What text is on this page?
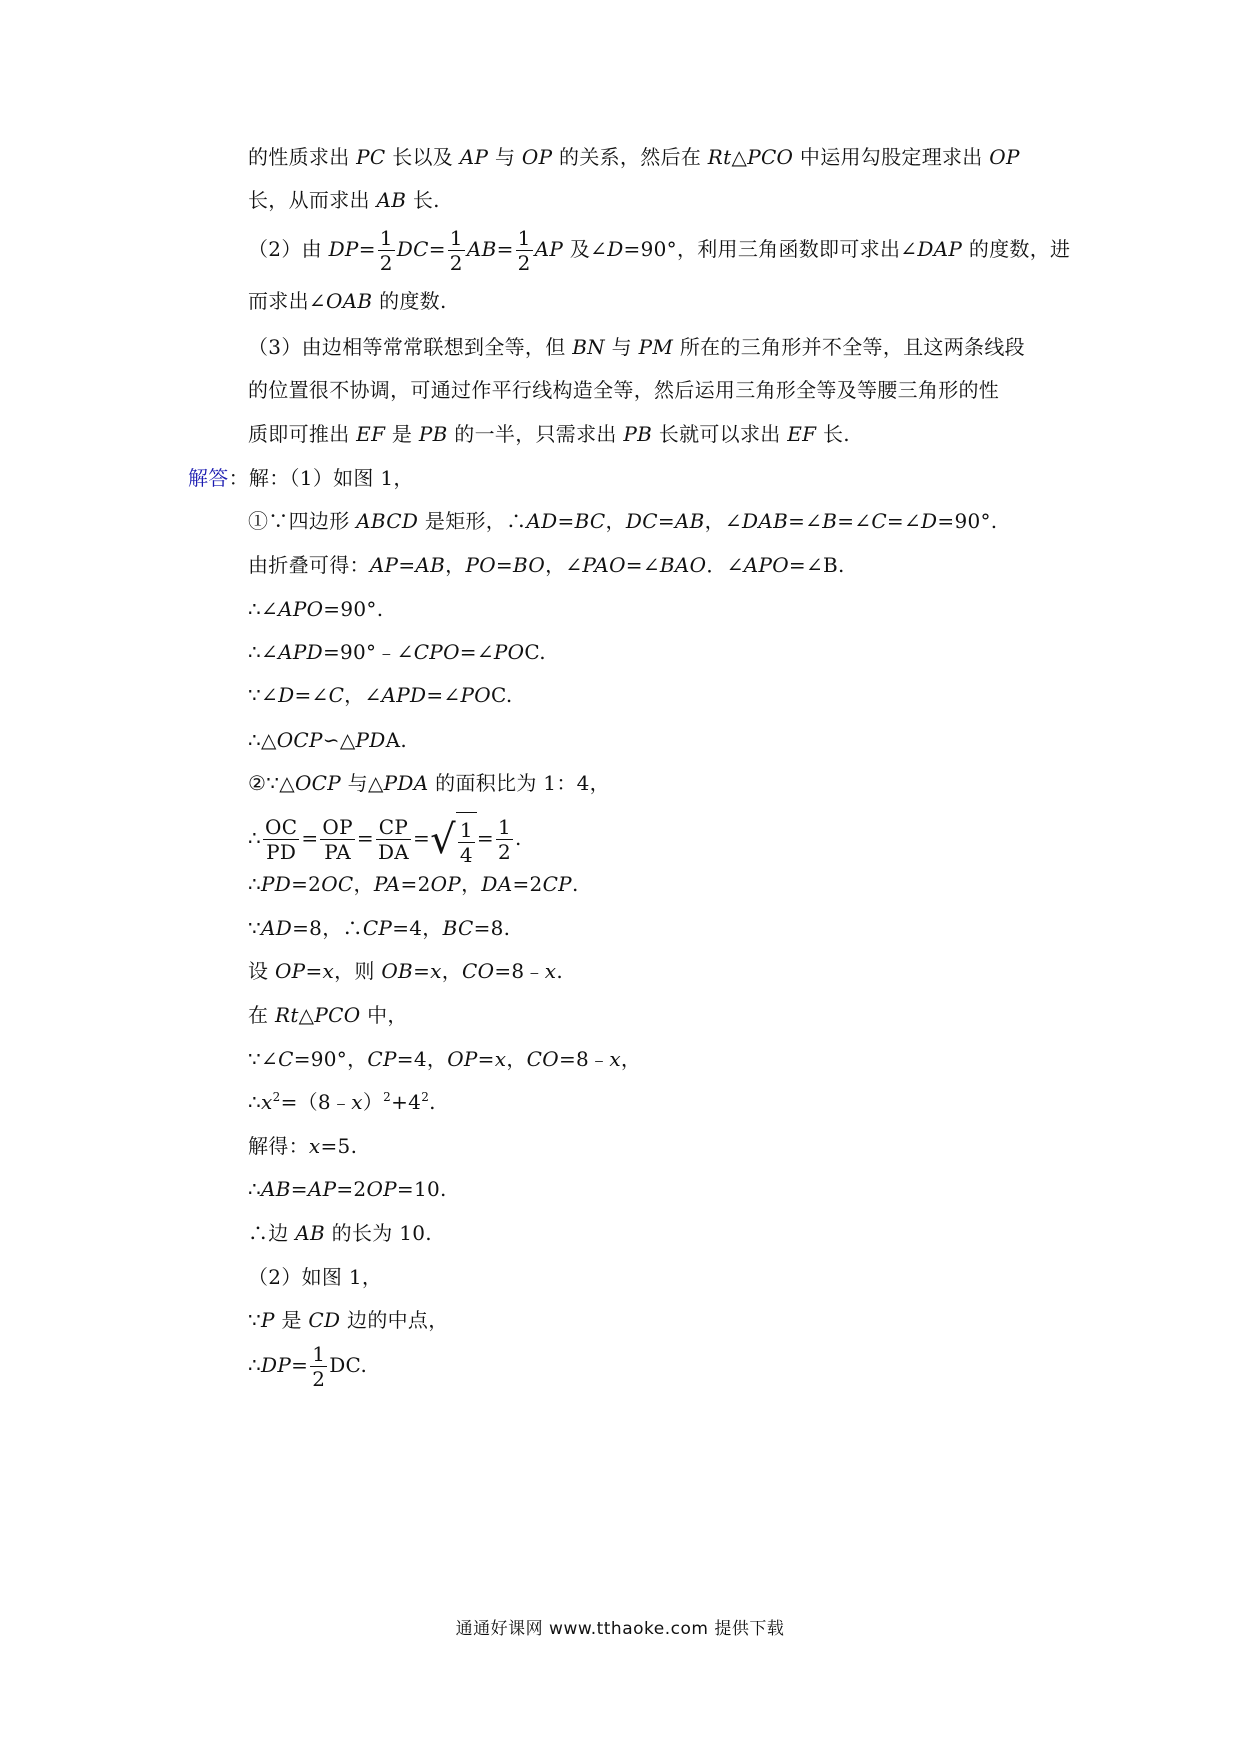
的性质求出 PC 长以及 AP 与 OP 的关系，然后在 Rt△PCO 中运用勾股定理求出 OP
长，从而求出 AB 长.
（2）由 $DP= \frac{1}{2} DC= \frac{1}{2} AB= \frac{1}{2}$ AP 及∠D=90°，利用三角函数即可求出∠DAP 的度数，进
而求出∠OAB 的度数.
（3）由边相等常常联想到全等，但 BN 与 PM 所在的三角形并不全等，且这两条线段
的位置很不协调，可通过作平行线构造全等，然后运用三角形全等及等腰三角形的性
质即可推出 EF 是 PB 的一半，只需求出 PB 长就可以求出 EF 长.
解答：解：（1）如图 1，
①∵四边形 ABCD 是矩形，∴AD=BC，DC=AB，∠DAB=∠B=∠C=∠D=90°.
由折叠可得：AP=AB，PO=BO，∠PAO=∠BAO．∠APO=∠B.
∴∠APO=90°.
∴∠APD=90°﹣∠CPO=∠POC.
∵∠D=∠C，∠APD=∠POC.
∴△OCP∽△PDA.
②∵△OCP 与△PDA 的面积比为 1：4，
∴ $\frac{OC}{PD} = \frac{OP}{PA} = \frac{CP}{DA}$ =√ $\frac{1}{4} = \frac{1}{2}$ .
∴PD=2OC，PA=2OP，DA=2CP.
∵AD=8，∴CP=4，BC=8.
设 OP=x，则 OB=x，CO=8﹣x.
在 Rt△PCO 中，
∵∠C=90°，CP=4，OP=x，CO=8﹣x，
$\therefore x^2=(8﹣x)^2+4^2$.
解得：x=5.
∴AB=AP=2OP=10.
∴边 AB 的长为 10.
（2）如图 1，
∵P 是 CD 边的中点，
∴DP= $\frac{1}{2}$ DC.
通通好课网 www.tthaoke.com 提供下载
